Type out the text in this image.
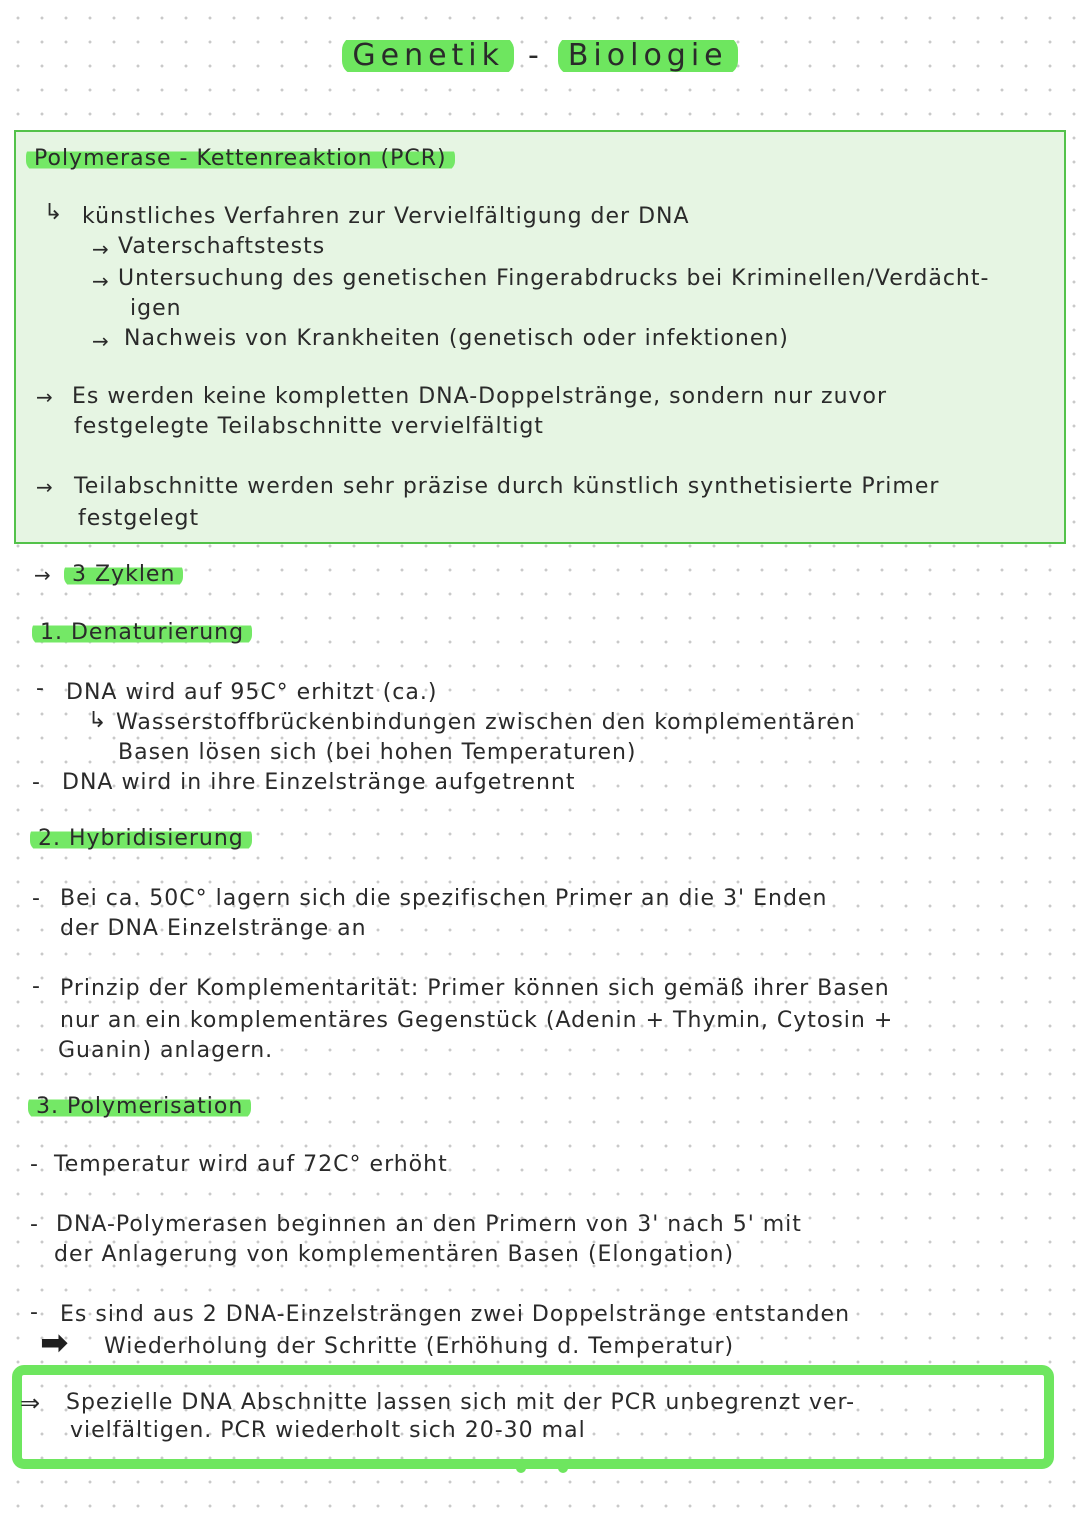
Genetik - Biologie
Polymerase - Kettenreaktion (PCR)
↳ künstliches Verfahren zur Vervielfältigung der DNA
→ Vaterschaftstests
→ Untersuchung des genetischen Fingerabdrucks bei Kriminellen/Verdächt-
igen
→ Nachweis von Krankheiten (genetisch oder infektionen)
→ Es werden keine kompletten DNA-Doppelstränge, sondern nur zuvor
festgelegte Teilabschnitte vervielfältigt
→ Teilabschnitte werden sehr präzise durch künstlich synthetisierte Primer
festgelegt
→ 3 Zyklen
1. Denaturierung
- DNA wird auf 95C° erhitzt (ca.)
↳ Wasserstoffbrückenbindungen zwischen den komplementären
Basen lösen sich (bei hohen Temperaturen)
- DNA wird in ihre Einzelstränge aufgetrennt
2. Hybridisierung
- Bei ca. 50C° lagern sich die spezifischen Primer an die 3' Enden
der DNA Einzelstränge an
- Prinzip der Komplementarität: Primer können sich gemäß ihrer Basen
nur an ein komplementäres Gegenstück (Adenin + Thymin, Cytosin +
Guanin) anlagern.
3. Polymerisation
- Temperatur wird auf 72C° erhöht
- DNA-Polymerasen beginnen an den Primern von 3' nach 5' mit
der Anlagerung von komplementären Basen (Elongation)
- Es sind aus 2 DNA-Einzelsträngen zwei Doppelstränge entstanden
➡ Wiederholung der Schritte (Erhöhung d. Temperatur)
⇒ Spezielle DNA Abschnitte lassen sich mit der PCR unbegrenzt ver-
vielfältigen. PCR wiederholt sich 20-30 mal
